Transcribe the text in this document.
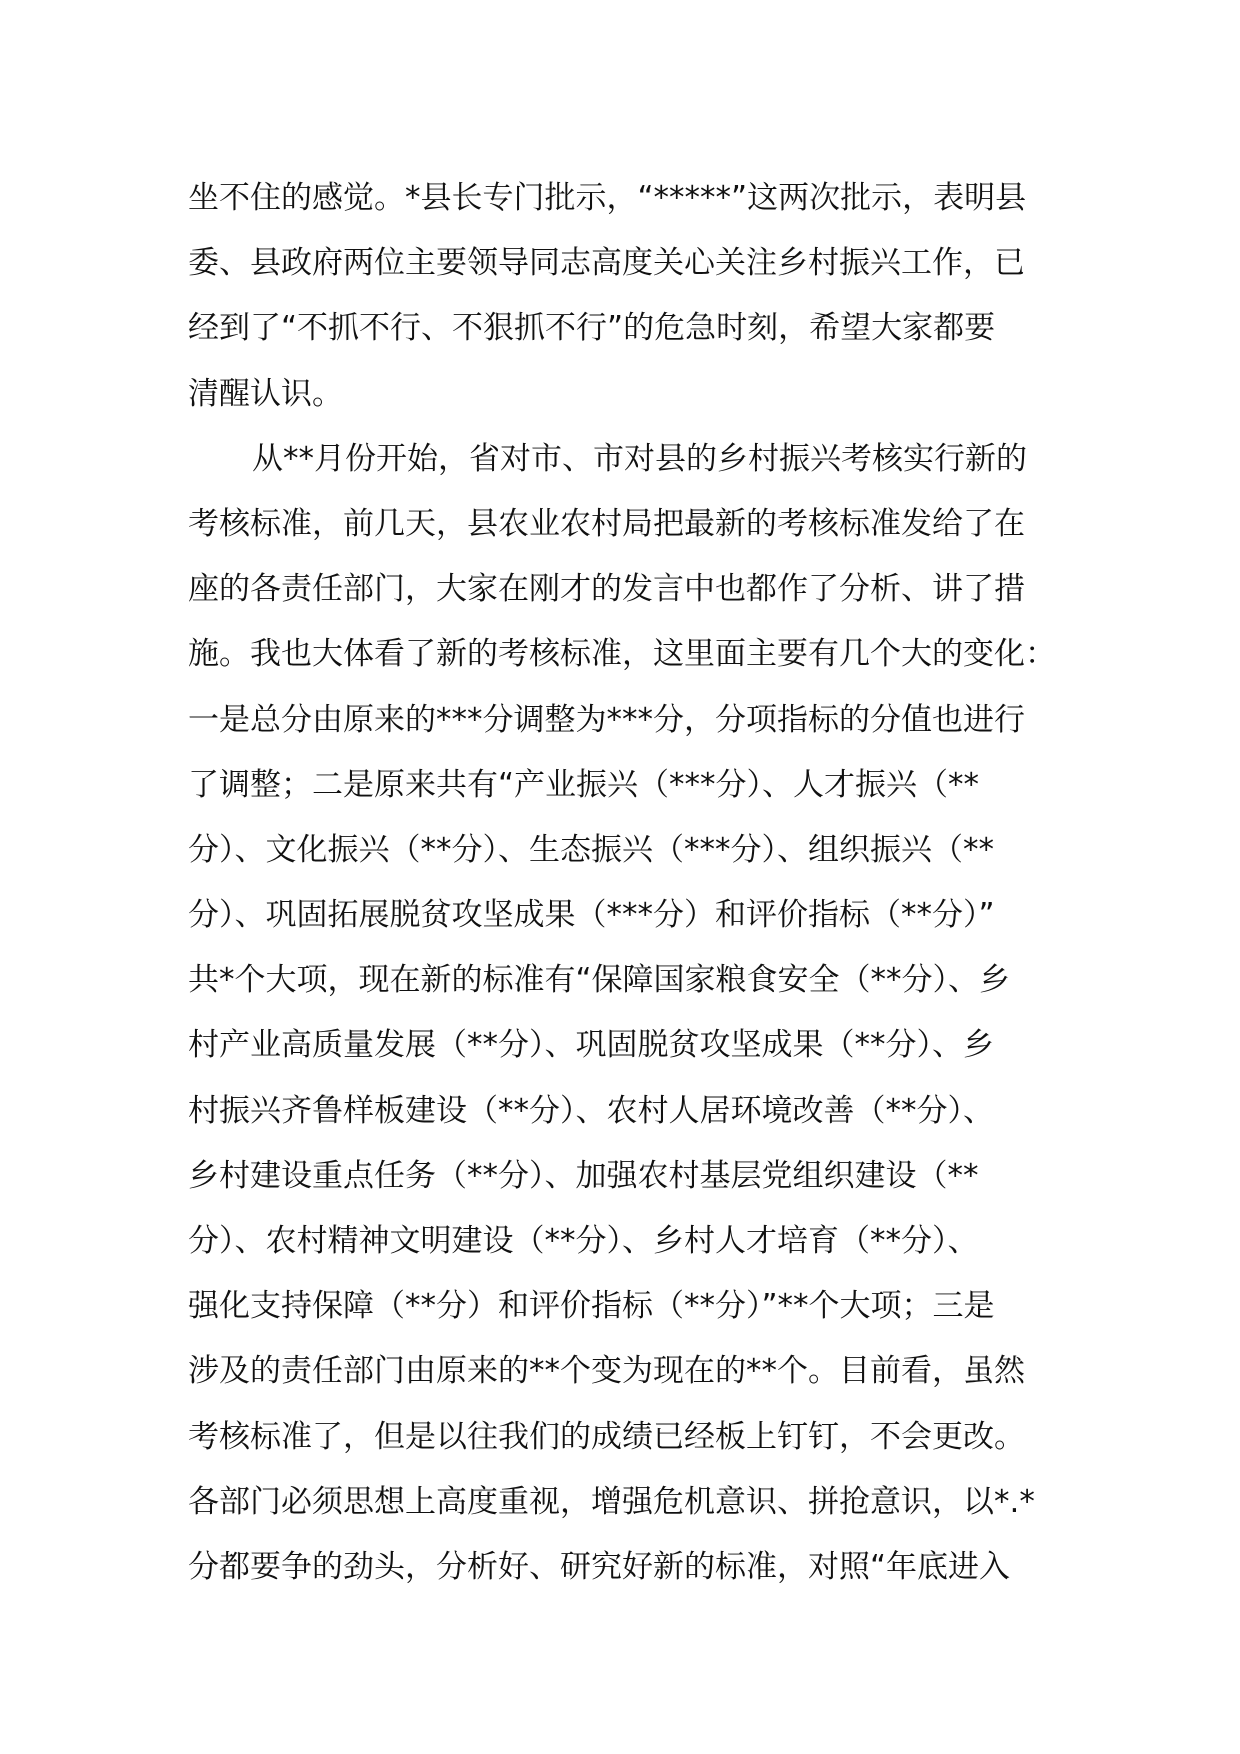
坐不住的感觉。*县长专门批示，“*****”这两次批示，表明县
委、县政府两位主要领导同志高度关心关注乡村振兴工作，已
经到了“不抓不行、不狠抓不行”的危急时刻，希望大家都要
清醒认识。
从**月份开始，省对市、市对县的乡村振兴考核实行新的
考核标准，前几天，县农业农村局把最新的考核标准发给了在
座的各责任部门，大家在刚才的发言中也都作了分析、讲了措
施。我也大体看了新的考核标准，这里面主要有几个大的变化：
一是总分由原来的***分调整为***分，分项指标的分值也进行
了调整；二是原来共有“产业振兴（***分）、人才振兴（**
分）、文化振兴（**分）、生态振兴（***分）、组织振兴（**
分）、巩固拓展脱贫攻坚成果（***分）和评价指标（**分）”
共*个大项，现在新的标准有“保障国家粮食安全（**分）、乡
村产业高质量发展（**分）、巩固脱贫攻坚成果（**分）、乡
村振兴齐鲁样板建设（**分）、农村人居环境改善（**分）、
乡村建设重点任务（**分）、加强农村基层党组织建设（**
分）、农村精神文明建设（**分）、乡村人才培育（**分）、
强化支持保障（**分）和评价指标（**分）”**个大项；三是
涉及的责任部门由原来的**个变为现在的**个。目前看，虽然
考核标准了，但是以往我们的成绩已经板上钉钉，不会更改。
各部门必须思想上高度重视，增强危机意识、拼抢意识，以*.*
分都要争的劲头，分析好、研究好新的标准，对照“年底进入
